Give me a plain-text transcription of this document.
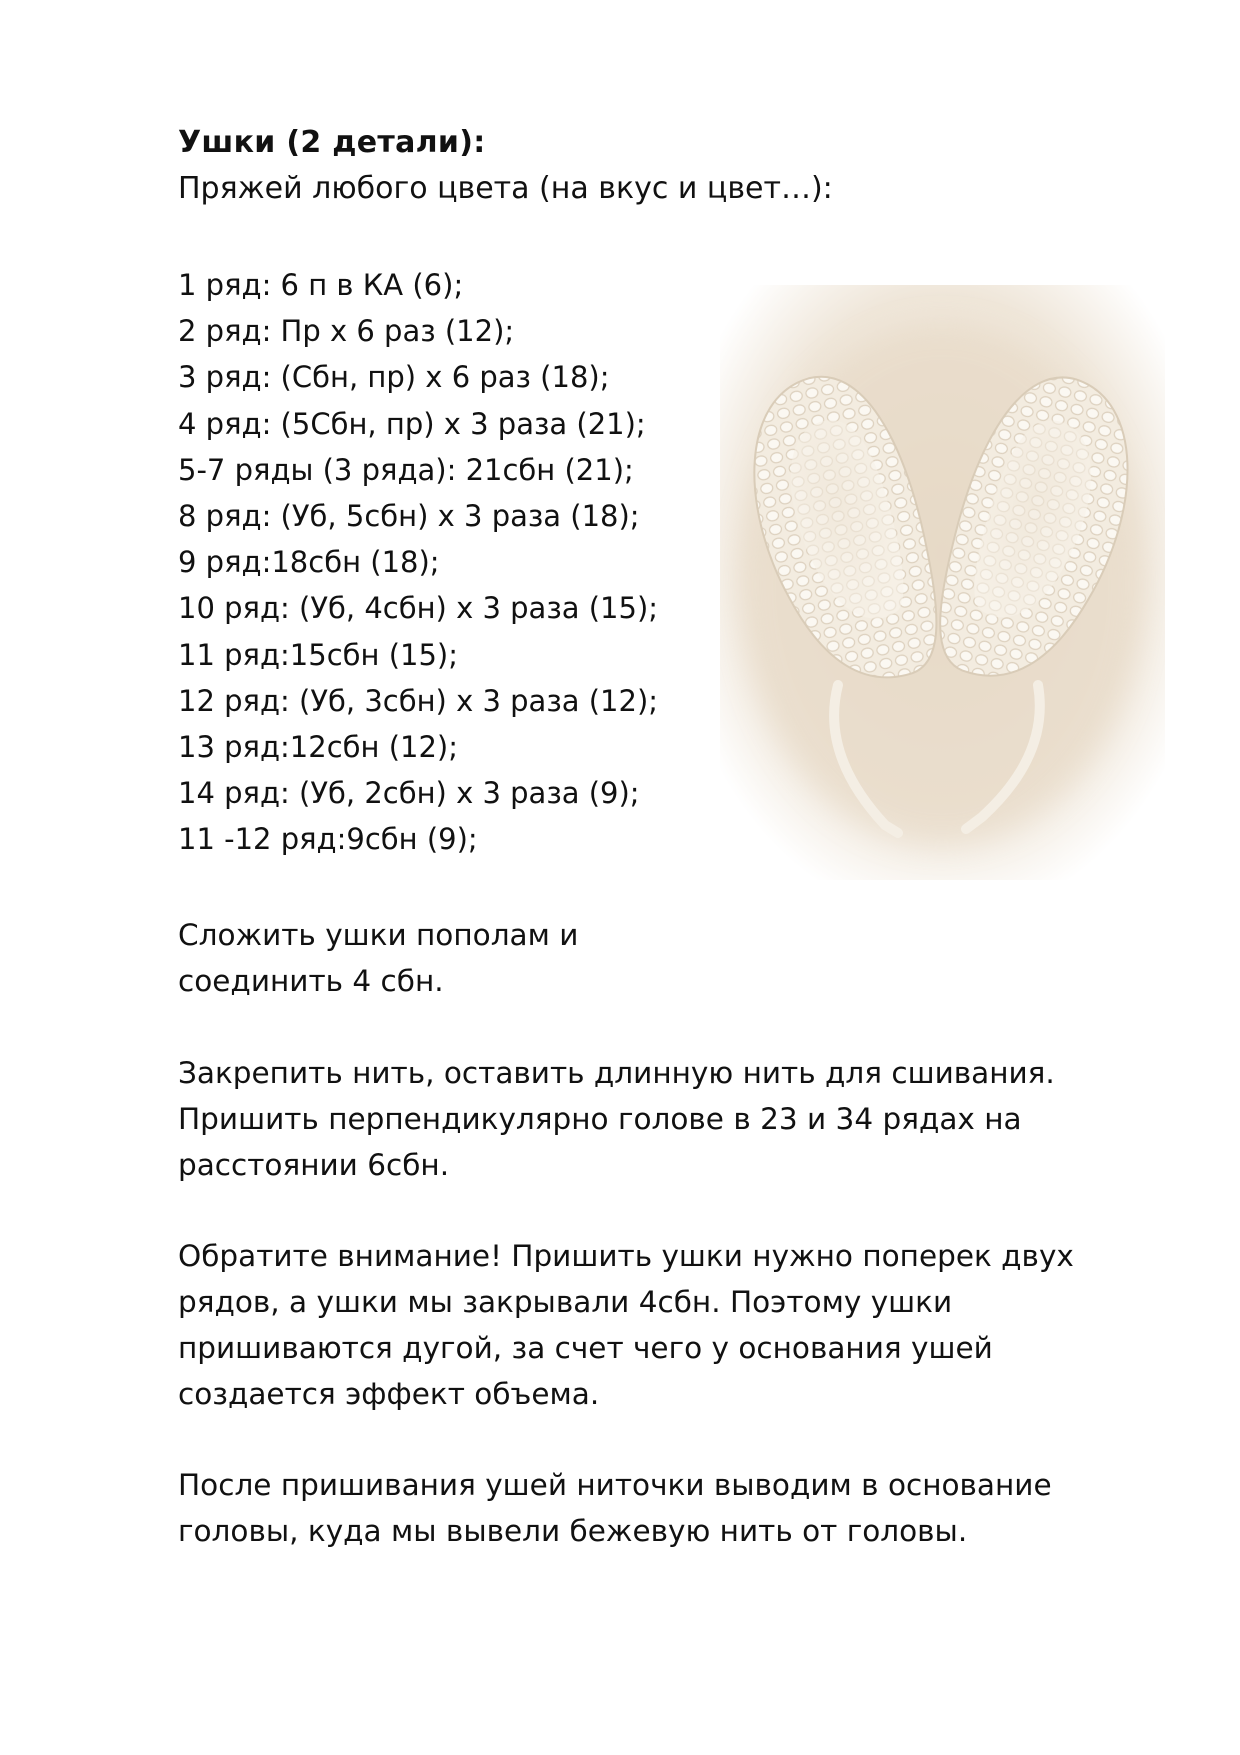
Ушки (2 детали):
Пряжей любого цвета (на вкус и цвет…):
1 ряд: 6 п в КА (6);
2 ряд: Пр х 6 раз (12);
3 ряд: (Сбн, пр) х 6 раз (18);
4 ряд: (5Сбн, пр) х 3 раза (21);
5-7 ряды (3 ряда): 21сбн (21);
8 ряд: (Уб, 5сбн) х 3 раза (18);
9 ряд:18сбн (18);
10 ряд: (Уб, 4сбн) х 3 раза (15);
11 ряд:15сбн (15);
12 ряд: (Уб, 3сбн) х 3 раза (12);
13 ряд:12сбн (12);
14 ряд: (Уб, 2сбн) х 3 раза (9);
11 -12 ряд:9сбн (9);
Сложить ушки пополам и соединить 4 сбн.
Закрепить нить, оставить длинную нить для сшивания. Пришить перпендикулярно голове в 23 и 34 рядах на расстоянии 6сбн.
Обратите внимание! Пришить ушки нужно поперек двух рядов, а ушки мы закрывали 4сбн. Поэтому ушки пришиваются дугой, за счет чего у основания ушей создается эффект объема.
После пришивания ушей ниточки выводим в основание головы, куда мы вывели бежевую нить от головы.
